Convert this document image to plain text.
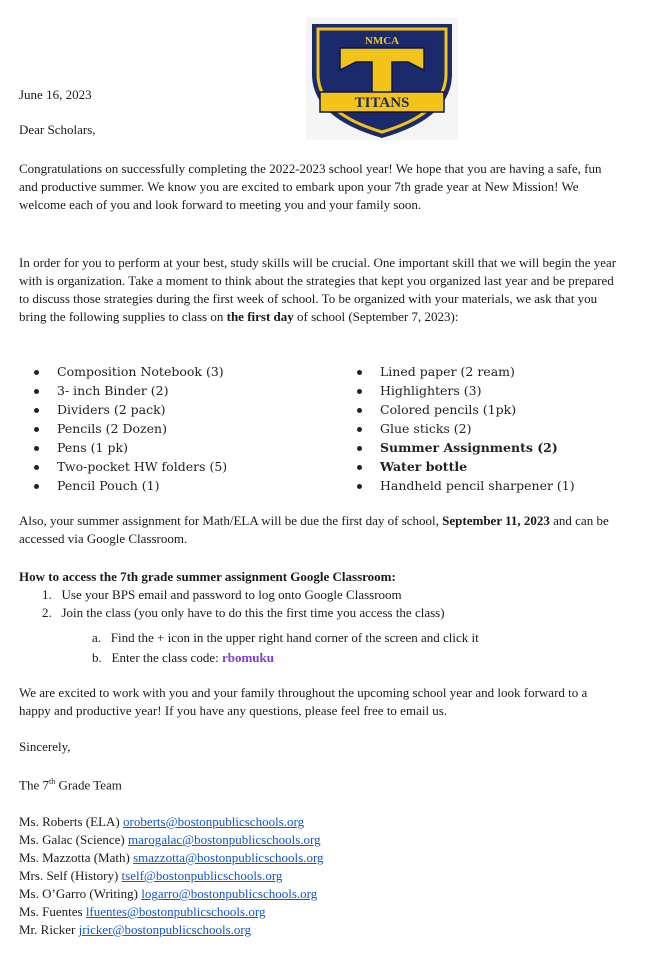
NMCA
TITANS
June 16, 2023
Dear Scholars,
Congratulations on successfully completing the 2022-2023 school year! We hope that you are having a safe, fun and productive summer. We know you are excited to embark upon your 7th grade year at New Mission! We welcome each of you and look forward to meeting you and your family soon.
In order for you to perform at your best, study skills will be crucial. One important skill that we will begin the year with is organization. Take a moment to think about the strategies that kept you organized last year and be prepared to discuss those strategies during the first week of school. To be organized with your materials, we ask that you bring the following supplies to class on the first day of school (September 7, 2023):
Composition Notebook (3)
3- inch Binder (2)
Dividers (2 pack)
Pencils (2 Dozen)
Pens (1 pk)
Two-pocket HW folders (5)
Pencil Pouch (1)
Lined paper (2 ream)
Highlighters (3)
Colored pencils (1pk)
Glue sticks (2)
Summer Assignments (2)
Water bottle
Handheld pencil sharpener (1)
Also, your summer assignment for Math/ELA will be due the first day of school, September 11, 2023 and can be accessed via Google Classroom.
How to access the 7th grade summer assignment Google Classroom:
1.   Use your BPS email and password to log onto Google Classroom
2.   Join the class (you only have to do this the first time you access the class)
a.   Find the + icon in the upper right hand corner of the screen and click it
b.   Enter the class code: rbomuku
We are excited to work with you and your family throughout the upcoming school year and look forward to a happy and productive year! If you have any questions, please feel free to email us.
Sincerely,
The 7th Grade Team
Ms. Roberts (ELA) oroberts@bostonpublicschools.org
Ms. Galac (Science) marogalac@bostonpublicschools.org
Ms. Mazzotta (Math) smazzotta@bostonpublicschools.org
Mrs. Self (History) tself@bostonpublicschools.org
Ms. O’Garro (Writing) logarro@bostonpublicschools.org
Ms. Fuentes lfuentes@bostonpublicschools.org
Mr. Ricker jricker@bostonpublicschools.org
